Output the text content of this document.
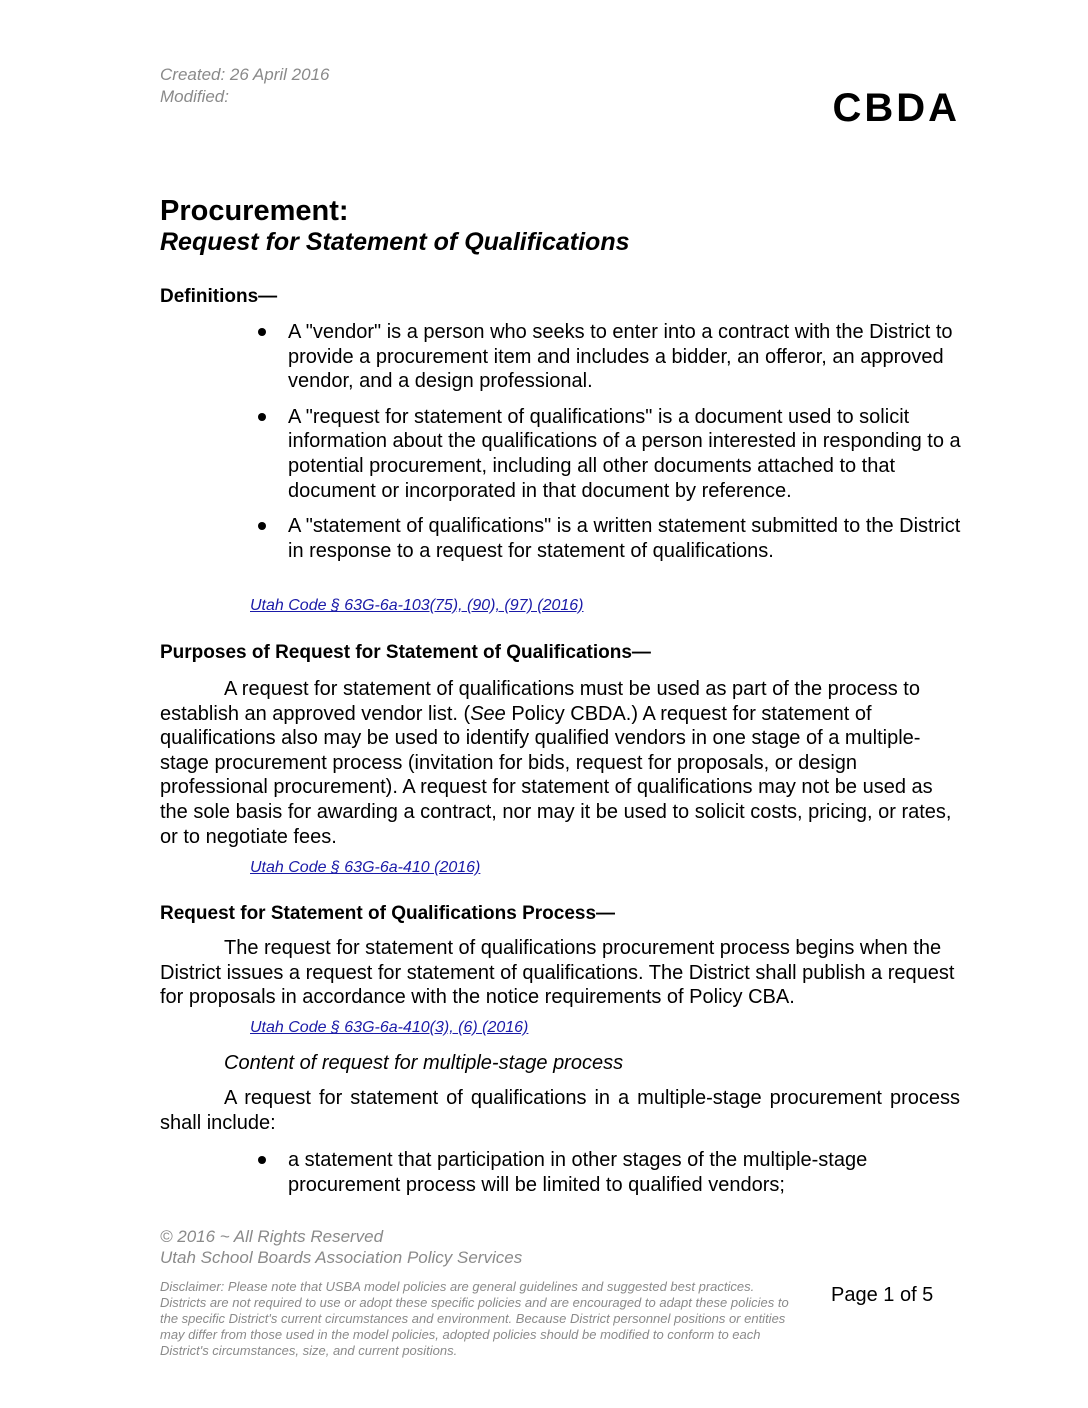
Created: 26 April 2016
Modified:	CBDA
Procurement:
Request for Statement of Qualifications
Definitions—
A "vendor" is a person who seeks to enter into a contract with the District to provide a procurement item and includes a bidder, an offeror, an approved vendor, and a design professional.
A "request for statement of qualifications" is a document used to solicit information about the qualifications of a person interested in responding to a potential procurement, including all other documents attached to that document or incorporated in that document by reference.
A "statement of qualifications" is a written statement submitted to the District in response to a request for statement of qualifications.
Utah Code § 63G-6a-103(75), (90), (97) (2016)
Purposes of Request for Statement of Qualifications—
A request for statement of qualifications must be used as part of the process to establish an approved vendor list. (See Policy CBDA.) A request for statement of qualifications also may be used to identify qualified vendors in one stage of a multiple-stage procurement process (invitation for bids, request for proposals, or design professional procurement). A request for statement of qualifications may not be used as the sole basis for awarding a contract, nor may it be used to solicit costs, pricing, or rates, or to negotiate fees.
Utah Code § 63G-6a-410 (2016)
Request for Statement of Qualifications Process—
The request for statement of qualifications procurement process begins when the District issues a request for statement of qualifications. The District shall publish a request for proposals in accordance with the notice requirements of Policy CBA.
Utah Code § 63G-6a-410(3), (6) (2016)
Content of request for multiple-stage process
A request for statement of qualifications in a multiple-stage procurement process shall include:
a statement that participation in other stages of the multiple-stage procurement process will be limited to qualified vendors;
© 2016 ~ All Rights Reserved
Utah School Boards Association Policy Services
Disclaimer: Please note that USBA model policies are general guidelines and suggested best practices. Districts are not required to use or adopt these specific policies and are encouraged to adapt these policies to the specific District's current circumstances and environment. Because District personnel positions or entities may differ from those used in the model policies, adopted policies should be modified to conform to each District's circumstances, size, and current positions.
Page 1 of 5
